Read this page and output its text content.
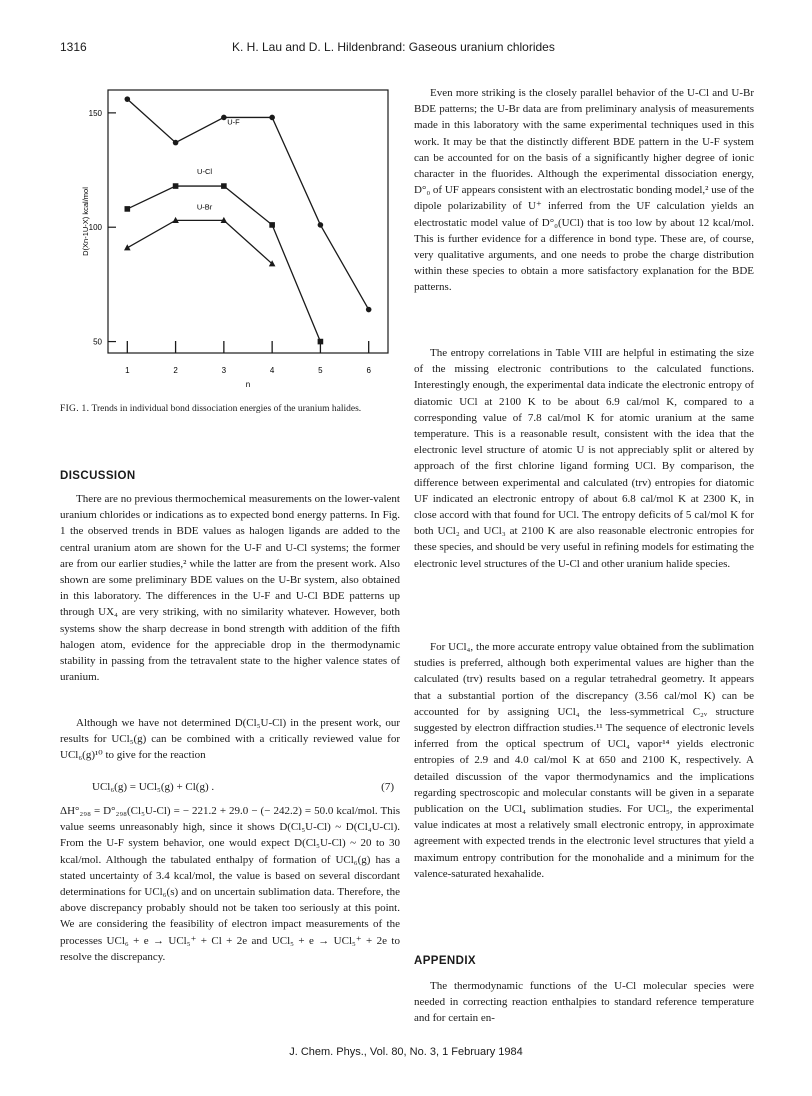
1316	K. H. Lau and D. L. Hildenbrand: Gaseous uranium chlorides
50
100
150
1	2	3	4	5	6
n
D(Xn-1U-X) kcal/mol
U-F
U-Cl
U-Br
FIG. 1. Trends in individual bond dissociation energies of the uranium halides.
DISCUSSION

There are no previous thermochemical measurements on the lower-valent uranium chlorides or indications as to expected bond energy patterns. In Fig. 1 the observed trends in BDE values as halogen ligands are added to the central uranium atom are shown for the U-F and U-Cl systems; the former are from our earlier studies,² while the latter are from the present work. Also shown are some preliminary BDE values on the U-Br system, also obtained in this laboratory. The differences in the U-F and U-Cl BDE patterns up through UX₄ are very striking, with no similarity whatever. However, both systems show the sharp decrease in bond strength with addition of the fifth halogen atom, evidence for the appreciable drop in the thermodynamic stability in passing from the tetravalent state to the higher valence states of uranium.

Although we have not determined D(Cl₅U-Cl) in the present work, our results for UCl₅(g) can be combined with a critically reviewed value for UCl₆(g)¹⁰ to give for the reaction

UCl₆(g) = UCl₅(g) + Cl(g) .	(7)

ΔH°₂₉₈ = D°₂₉₈(Cl₅U-Cl) = − 221.2 + 29.0 − (− 242.2) = 50.0 kcal/mol. This value seems unreasonably high, since it shows D(Cl₅U-Cl) ~ D(Cl₄U-Cl). From the U-F system behavior, one would expect D(Cl₅U-Cl) ~ 20 to 30 kcal/mol. Although the tabulated enthalpy of formation of UCl₆(g) has a stated uncertainty of 3.4 kcal/mol, the value is based on several discordant determinations for UCl₆(s) and on uncertain sublimation data. Therefore, the above discrepancy probably should not be taken too seriously at this point. We are considering the feasibility of electron impact measurements of the processes UCl₆ + e → UCl₅⁺ + Cl + 2e and UCl₅ + e → UCl₅⁺ + 2e to resolve the discrepancy.

Even more striking is the closely parallel behavior of the U-Cl and U-Br BDE patterns; the U-Br data are from preliminary analysis of measurements made in this laboratory with the same experimental techniques used in this work. It may be that the distinctly different BDE pattern in the U-F system can be accounted for on the basis of a significantly higher degree of ionic character in the fluorides. Although the experimental dissociation energy, D°₀ of UF appears consistent with an electrostatic bonding model,² use of the dipole polarizability of U⁺ inferred from the UF calculation yields an electrostatic model value of D°₀(UCl) that is too low by about 12 kcal/mol. This is further evidence for a difference in bond type. These are, of course, very qualitative arguments, and one needs to probe the charge distribution within these species to obtain a more satisfactory explanation for the BDE patterns.

The entropy correlations in Table VIII are helpful in estimating the size of the missing electronic contributions to the calculated functions. Interestingly enough, the experimental data indicate the electronic entropy of diatomic UCl at 2100 K to be about 6.9 cal/mol K, compared to a corresponding value of 7.8 cal/mol K for atomic uranium at the same temperature. This is a reasonable result, consistent with the idea that the electronic level structure of atomic U is not appreciably split or altered by approach of the first chlorine ligand forming UCl. By comparison, the difference between experimental and calculated (trv) entropies for diatomic UF indicated an electronic entropy of about 6.8 cal/mol K at 2300 K, in close accord with that found for UCl. The entropy deficits of 5 cal/mol K for both UCl₂ and UCl₃ at 2100 K are also reasonable electronic entropies for these species, and should be very useful in refining models for estimating the electronic level structures of the U-Cl and other uranium halide species.

For UCl₄, the more accurate entropy value obtained from the sublimation studies is preferred, although both experimental values are higher than the calculated (trv) results based on a regular tetrahedral geometry. It appears that a substantial portion of the discrepancy (3.56 cal/mol K) can be accounted for by assigning UCl₄ the less-symmetrical C₂ᵥ structure suggested by electron diffraction studies.¹¹ The sequence of electronic levels inferred from the optical spectrum of UCl₄ vapor¹⁴ yields electronic entropies of 2.9 and 4.0 cal/mol K at 650 and 2100 K, respectively. A detailed discussion of the vapor thermodynamics and the implications regarding spectroscopic and molecular constants will be given in a separate publication on the UCl₄ sublimation studies. For UCl₅, the experimental value indicates at most a relatively small electronic entropy, in approximate agreement with expected trends in the electronic level structures that yield a maximum entropy contribution for the monohalide and a minimum for the valence-saturated hexahalide.

APPENDIX

The thermodynamic functions of the U-Cl molecular species were needed in correcting reaction enthalpies to standard reference temperature and for certain en-

J. Chem. Phys., Vol. 80, No. 3, 1 February 1984
